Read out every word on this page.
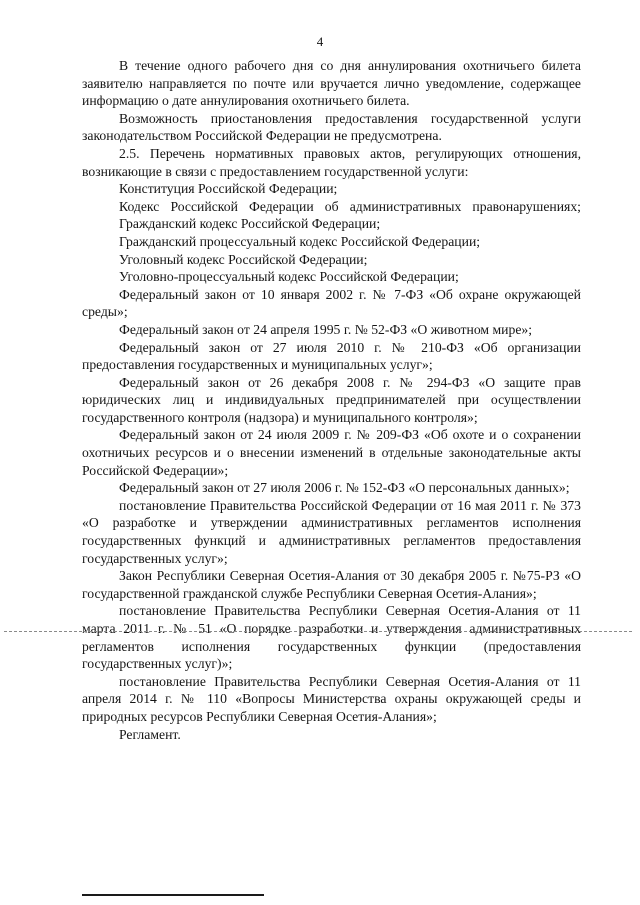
4

В течение одного рабочего дня со дня аннулирования охотничьего билета заявителю направляется по почте или вручается лично уведомление, содержащее информацию о дате аннулирования охотничьего билета.

Возможность приостановления предоставления государственной услуги законодательством Российской Федерации не предусмотрена.

2.5. Перечень нормативных правовых актов, регулирующих отношения, возникающие в связи с предоставлением государственной услуги:

Конституция Российской Федерации;

Кодекс Российской Федерации об административных правонарушениях;

Гражданский кодекс Российской Федерации;

Гражданский процессуальный кодекс Российской Федерации;

Уголовный кодекс Российской Федерации;

Уголовно-процессуальный кодекс Российской Федерации;

Федеральный закон от 10 января 2002 г. № 7-ФЗ «Об охране окружающей среды»;

Федеральный закон от 24 апреля 1995 г. № 52-ФЗ «О животном мире»;

Федеральный закон от 27 июля 2010 г. № 210-ФЗ «Об организации предоставления государственных и муниципальных услуг»;

Федеральный закон от 26 декабря 2008 г. № 294-ФЗ «О защите прав юридических лиц и индивидуальных предпринимателей при осуществлении государственного контроля (надзора) и муниципального контроля»;

Федеральный закон от 24 июля 2009 г. № 209-ФЗ «Об охоте и о сохранении охотничьих ресурсов и о внесении изменений в отдельные законодательные акты Российской Федерации»;

Федеральный закон от 27 июля 2006 г. № 152-ФЗ «О персональных данных»;

постановление Правительства Российской Федерации от 16 мая 2011 г. № 373 «О разработке и утверждении административных регламентов исполнения государственных функций и административных регламентов предоставления государственных услуг»;

Закон Республики Северная Осетия-Алания от 30 декабря 2005 г. №75-РЗ «О государственной гражданской службе Республики Северная Осетия-Алания»;

постановление Правительства Республики Северная Осетия-Алания от 11 марта 2011 г. № 51 «О порядке разработки и утверждения административных регламентов исполнения государственных функции (предоставления государственных услуг)»;

постановление Правительства Республики Северная Осетия-Алания от 11 апреля 2014 г. № 110 «Вопросы Министерства охраны окружающей среды и природных ресурсов Республики Северная Осетия-Алания»;

Регламент.
